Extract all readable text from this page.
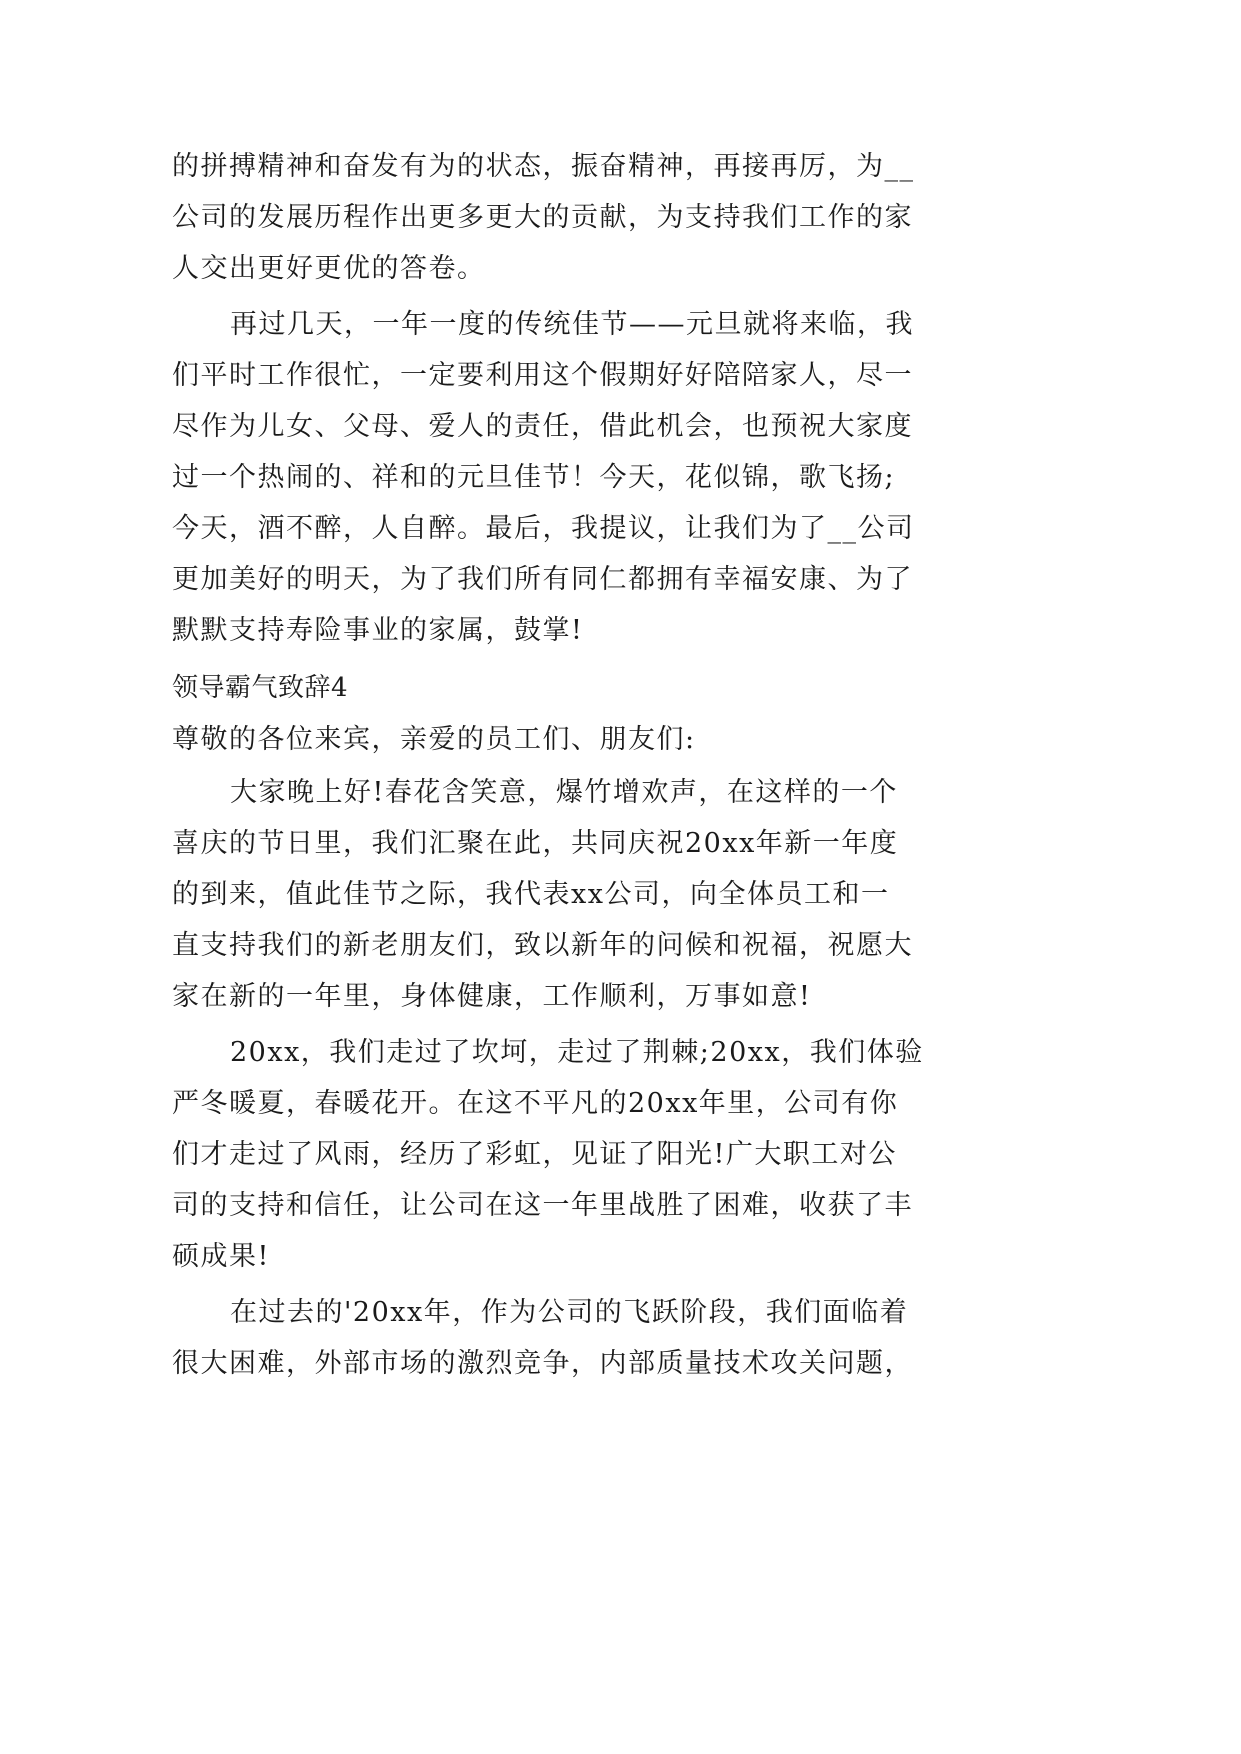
的拼搏精神和奋发有为的状态，振奋精神，再接再厉，为__

公司的发展历程作出更多更大的贡献，为支持我们工作的家

人交出更好更优的答卷。

再过几天，一年一度的传统佳节——元旦就将来临，我

们平时工作很忙，一定要利用这个假期好好陪陪家人，尽一

尽作为儿女、父母、爱人的责任，借此机会，也预祝大家度

过一个热闹的、祥和的元旦佳节！今天，花似锦，歌飞扬;

今天，酒不醉，人自醉。最后，我提议，让我们为了__公司

更加美好的明天，为了我们所有同仁都拥有幸福安康、为了

默默支持寿险事业的家属，鼓掌!

领导霸气致辞4

尊敬的各位来宾，亲爱的员工们、朋友们:

大家晚上好!春花含笑意，爆竹增欢声，在这样的一个

喜庆的节日里，我们汇聚在此，共同庆祝20xx年新一年度

的到来，值此佳节之际，我代表xx公司，向全体员工和一

直支持我们的新老朋友们，致以新年的问候和祝福，祝愿大

家在新的一年里，身体健康，工作顺利，万事如意!

20xx，我们走过了坎坷，走过了荆棘;20xx，我们体验

严冬暖夏，春暖花开。在这不平凡的20xx年里，公司有你

们才走过了风雨，经历了彩虹，见证了阳光!广大职工对公

司的支持和信任，让公司在这一年里战胜了困难，收获了丰

硕成果!

在过去的'20xx年，作为公司的飞跃阶段，我们面临着

很大困难，外部市场的激烈竞争，内部质量技术攻关问题，
